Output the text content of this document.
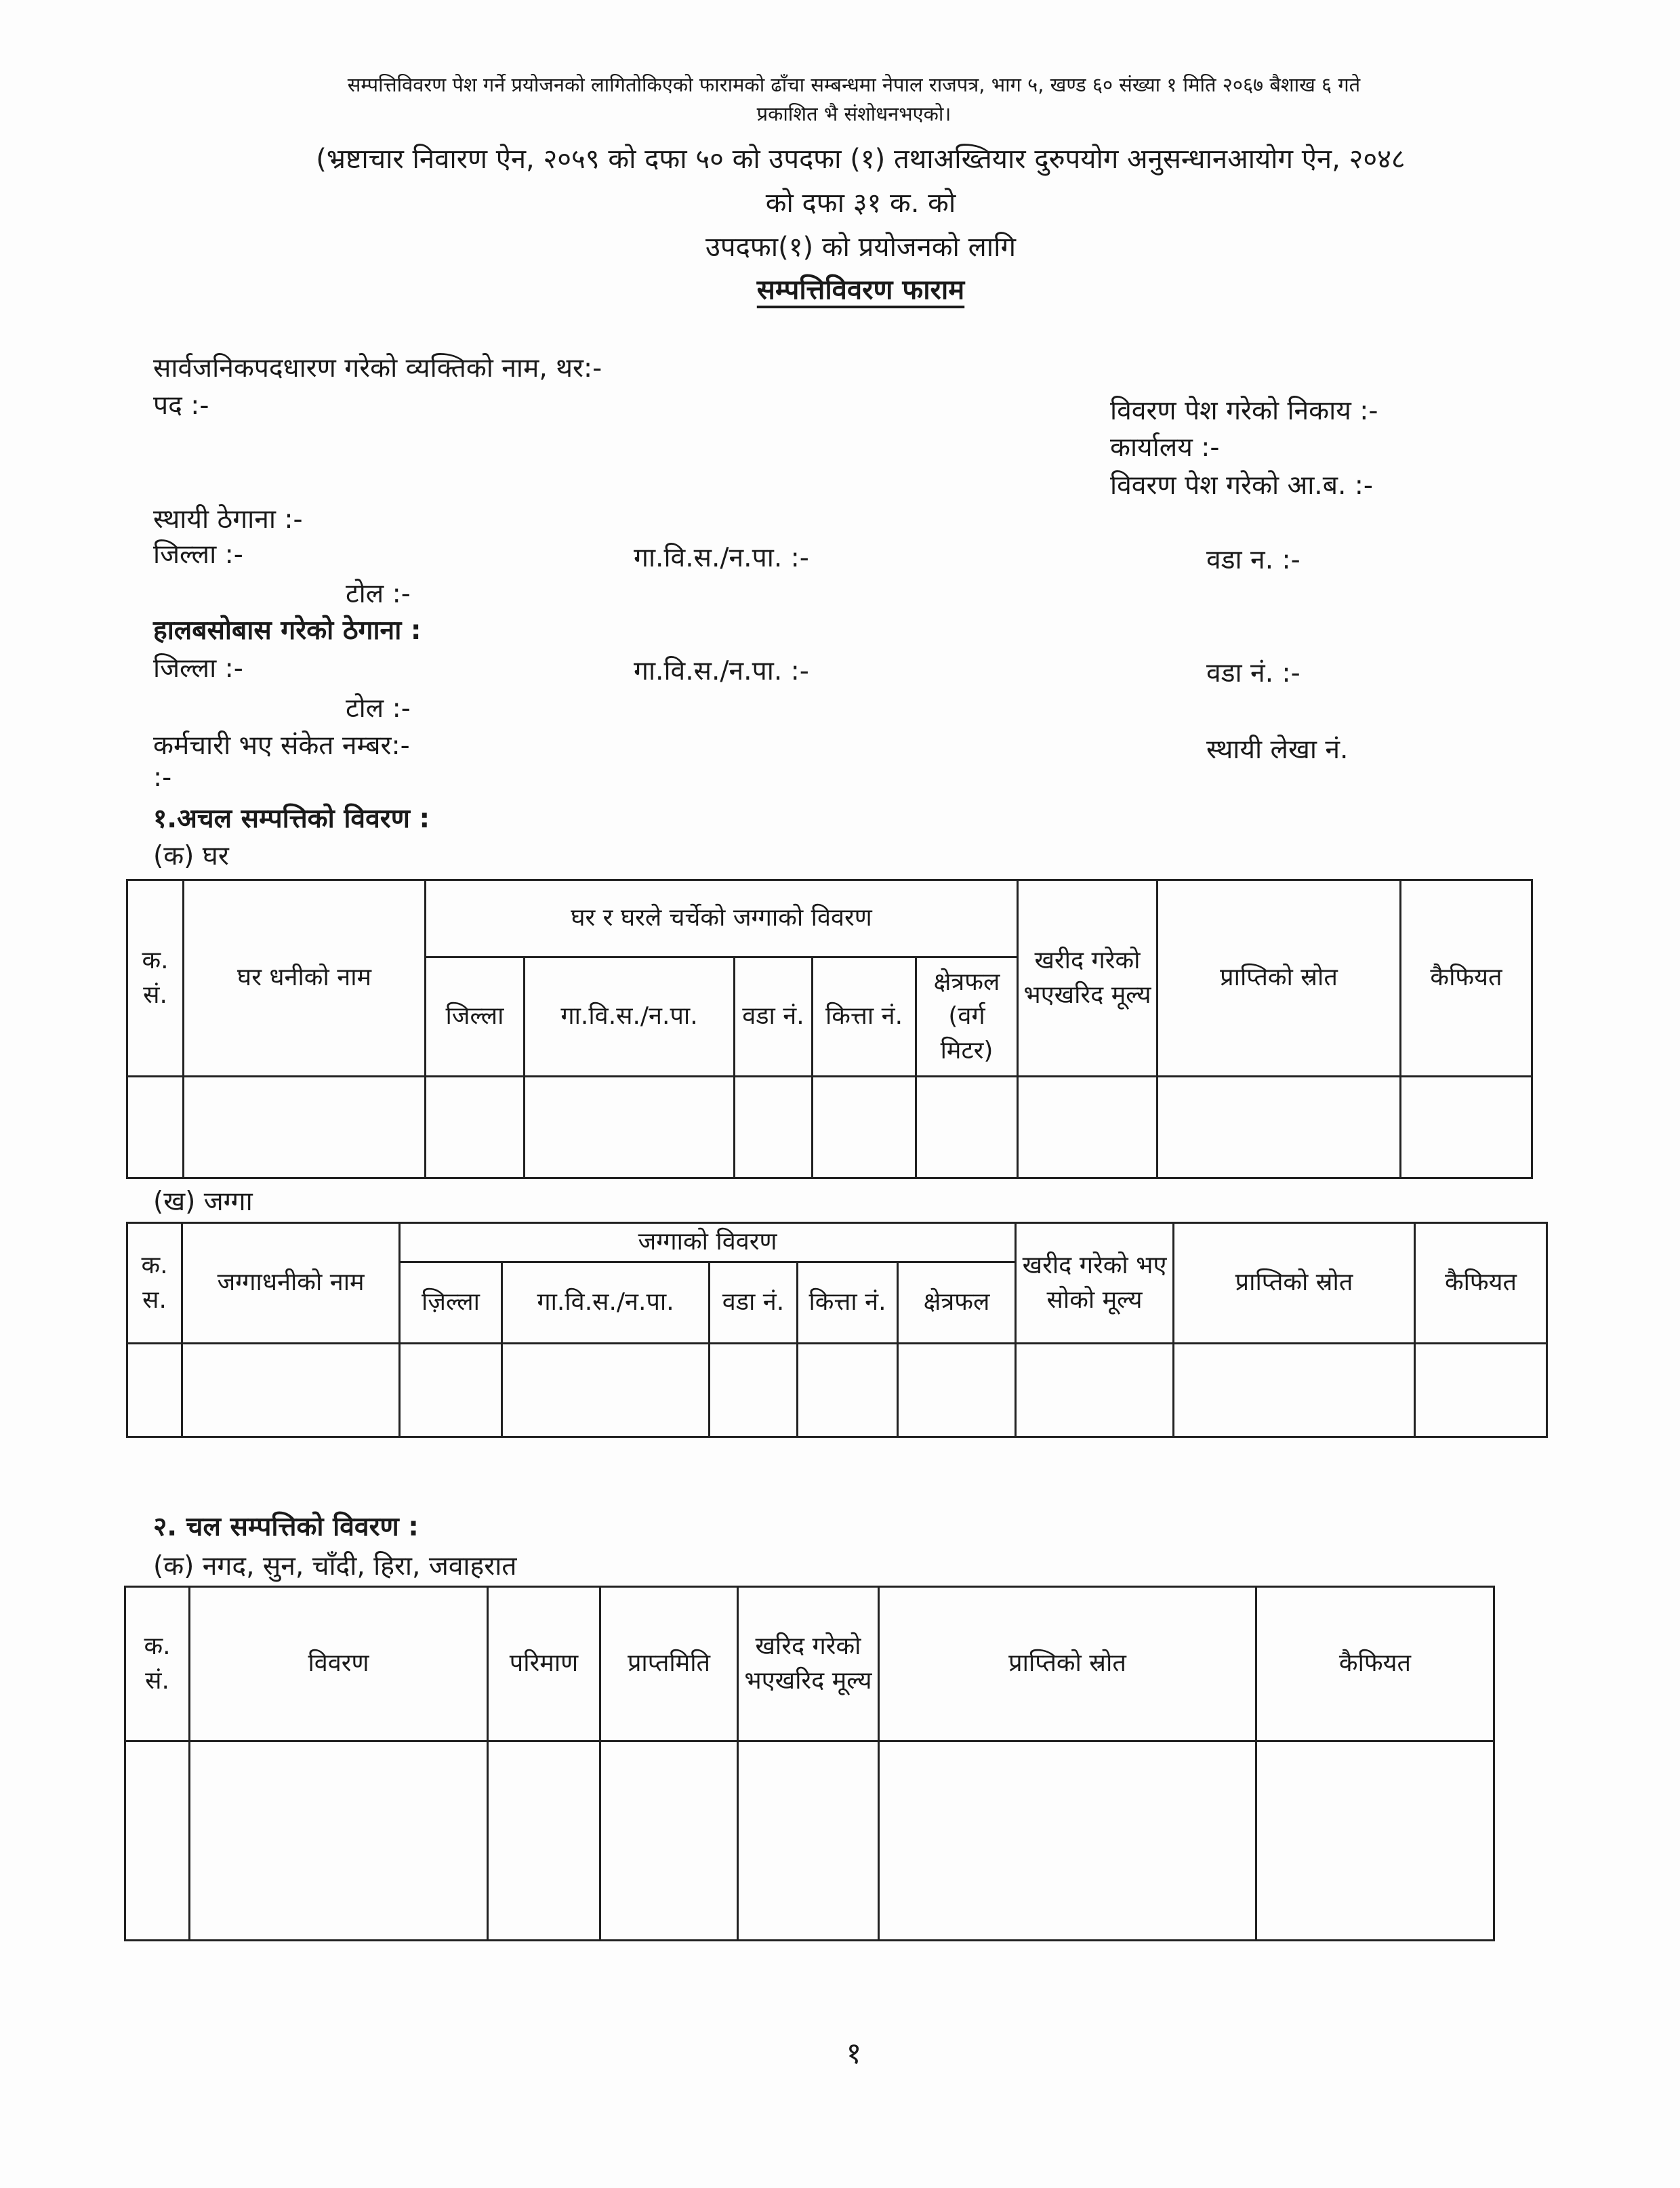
सम्पत्तिविवरण पेश गर्ने प्रयोजनको लागितोकिएको फारामको ढाँचा सम्बन्धमा नेपाल राजपत्र, भाग ५, खण्ड ६० संख्या १ मिति २०६७ बैशाख ६ गते
प्रकाशित भै संशोधनभएको।
(भ्रष्टाचार निवारण ऐन, २०५९ को दफा ५० को उपदफा (१) तथाअख्तियार दुरुपयोग अनुसन्धानआयोग ऐन, २०४८
को दफा ३१ क. को
उपदफा(१) को प्रयोजनको लागि
सम्पत्तिविवरण फाराम
सार्वजनिकपदधारण गरेको व्यक्तिको नाम, थर:-
पद :-	विवरण पेश गरेको निकाय :-
कार्यालय :-
विवरण पेश गरेको आ.ब. :-
स्थायी ठेगाना :-
जिल्ला :-	गा.वि.स./न.पा. :-	वडा न. :-
टोल :-
हालबसोबास गरेको ठेगाना :
जिल्ला :-	गा.वि.स./न.पा. :-	वडा नं. :-
टोल :-
कर्मचारी भए संकेत नम्बर:-	स्थायी लेखा नं.
:-
१.अचल सम्पत्तिको विवरण :
(क) घर
क. सं.	घर धनीको नाम	घर र घरले चर्चेको जग्गाको विवरण					खरीद गरेको भएखरिद मूल्य	प्राप्तिको स्रोत	कैफियत
		जिल्ला	गा.वि.स./न.पा.	वडा नं.	कित्ता नं.	क्षेत्रफल (वर्ग मिटर)			

(ख) जग्गा
क. स.	जग्गाधनीको नाम	जग्गाको विवरण					खरीद गरेको भए सोको मूल्य	प्राप्तिको स्रोत	कैफियत
		ज़िल्ला	गा.वि.स./न.पा.	वडा नं.	कित्ता नं.	क्षेत्रफल			

२. चल सम्पत्तिको विवरण :
(क) नगद, सुन, चाँदी, हिरा, जवाहरात
क. सं.	विवरण	परिमाण	प्राप्तमिति	खरिद गरेको भएखरिद मूल्य	प्राप्तिको स्रोत	कैफियत

१
